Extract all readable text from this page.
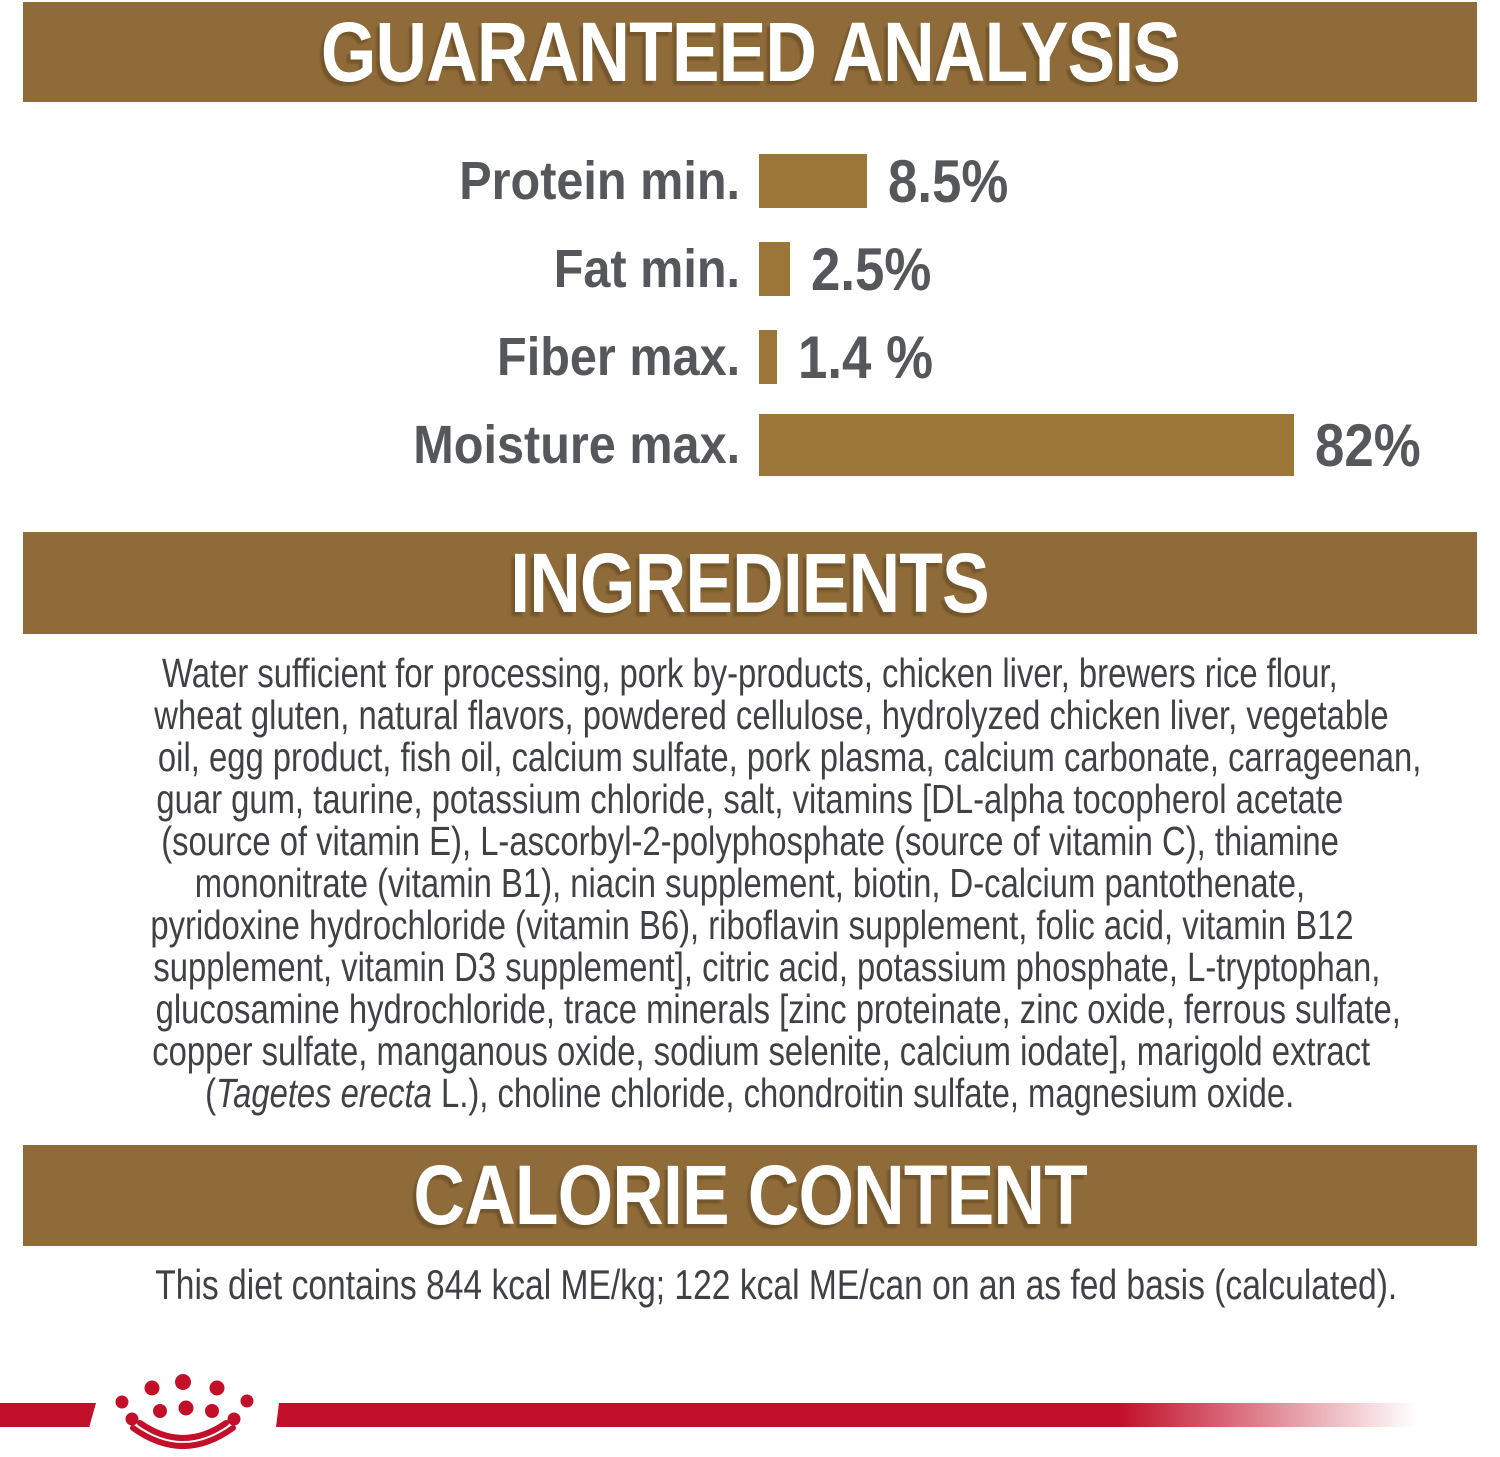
GUARANTEED ANALYSIS
Protein min. 8.5%
Fat min. 2.5%
Fiber max. 1.4 %
Moisture max.	82%
INGREDIENTS
Water sufficient for processing, pork by-products, chicken liver, brewers rice flour,
wheat gluten, natural flavors, powdered cellulose, hydrolyzed chicken liver, vegetable
oil, egg product, fish oil, calcium sulfate, pork plasma, calcium carbonate, carrageenan,
guar gum, taurine, potassium chloride, salt, vitamins [DL-alpha tocopherol acetate
(source of vitamin E), L-ascorbyl-2-polyphosphate (source of vitamin C), thiamine
mononitrate (vitamin B1), niacin supplement, biotin, D-calcium pantothenate,
pyridoxine hydrochloride (vitamin B6), riboflavin supplement, folic acid, vitamin B12
supplement, vitamin D3 supplement], citric acid, potassium phosphate, L-tryptophan,
glucosamine hydrochloride, trace minerals [zinc proteinate, zinc oxide, ferrous sulfate,
copper sulfate, manganous oxide, sodium selenite, calcium iodate], marigold extract
(Tagetes erecta L.), choline chloride, chondroitin sulfate, magnesium oxide.
CALORIE CONTENT
This diet contains 844 kcal ME/kg; 122 kcal ME/can on an as fed basis (calculated).
